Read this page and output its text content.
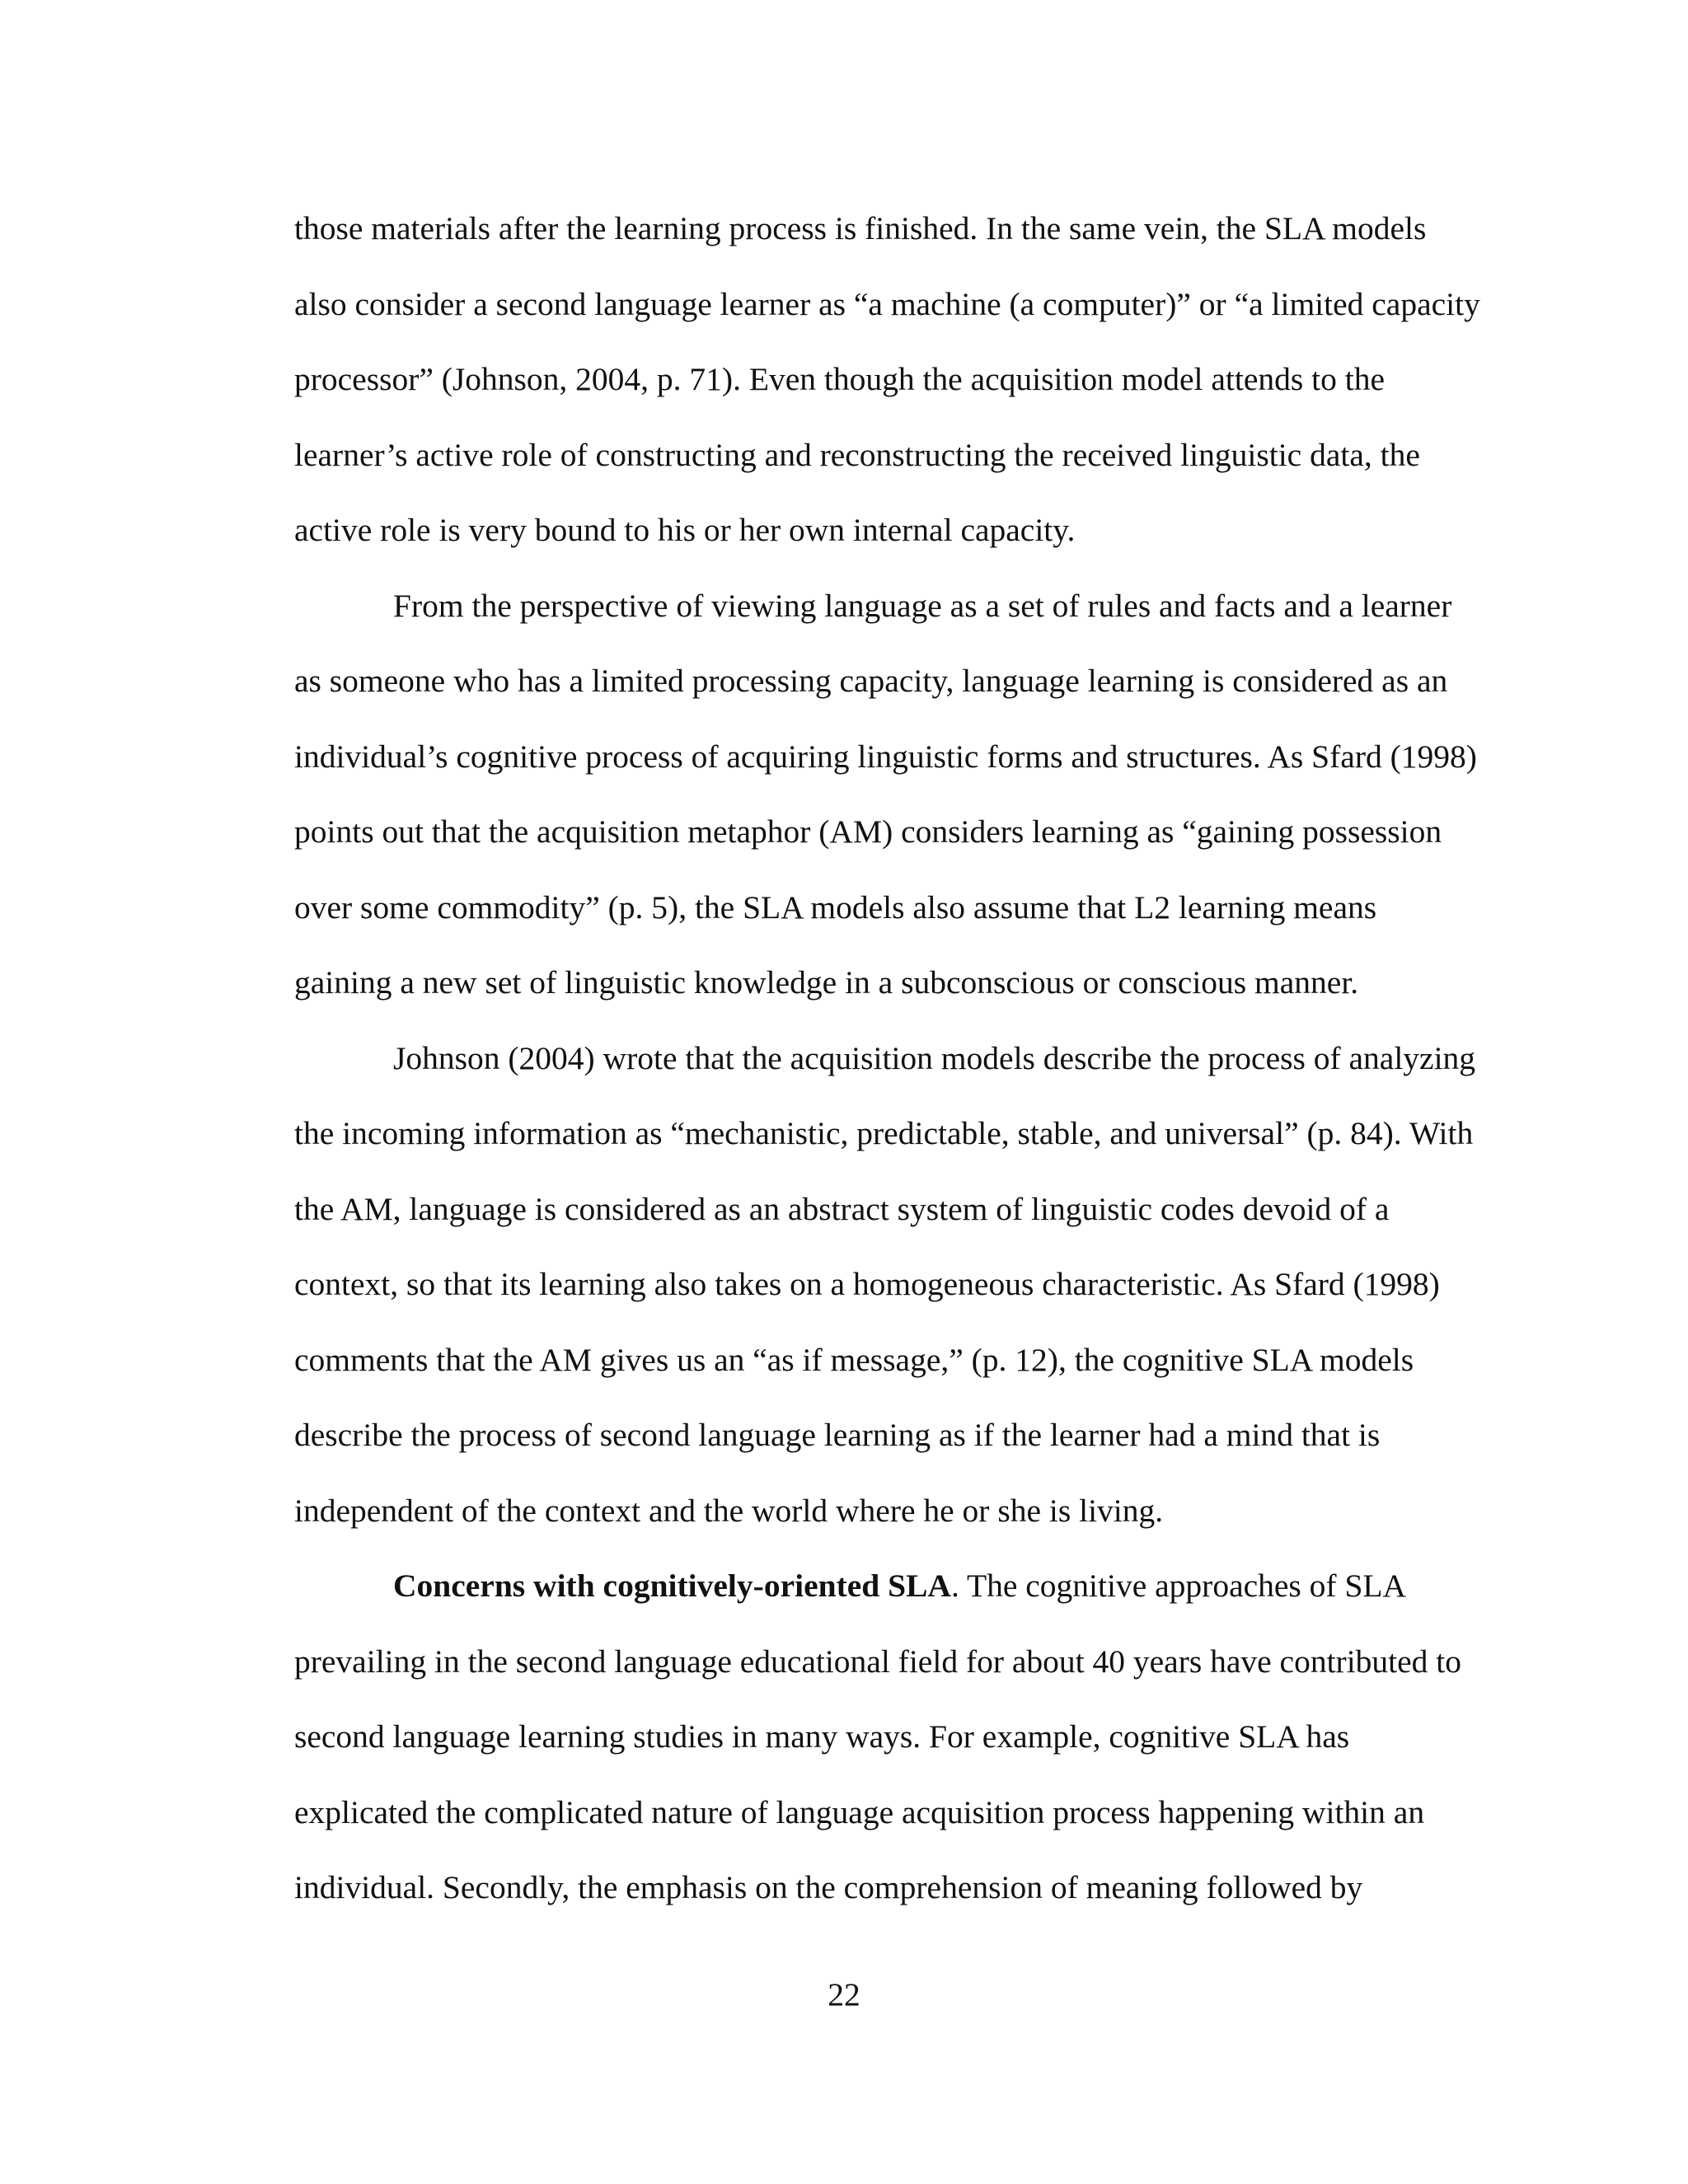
those materials after the learning process is finished. In the same vein, the SLA models also consider a second language learner as “a machine (a computer)” or “a limited capacity processor” (Johnson, 2004, p. 71). Even though the acquisition model attends to the learner’s active role of constructing and reconstructing the received linguistic data, the active role is very bound to his or her own internal capacity.

From the perspective of viewing language as a set of rules and facts and a learner as someone who has a limited processing capacity, language learning is considered as an individual’s cognitive process of acquiring linguistic forms and structures. As Sfard (1998) points out that the acquisition metaphor (AM) considers learning as “gaining possession over some commodity” (p. 5), the SLA models also assume that L2 learning means gaining a new set of linguistic knowledge in a subconscious or conscious manner.

Johnson (2004) wrote that the acquisition models describe the process of analyzing the incoming information as “mechanistic, predictable, stable, and universal” (p. 84). With the AM, language is considered as an abstract system of linguistic codes devoid of a context, so that its learning also takes on a homogeneous characteristic. As Sfard (1998) comments that the AM gives us an “as if message,” (p. 12), the cognitive SLA models describe the process of second language learning as if the learner had a mind that is independent of the context and the world where he or she is living.

Concerns with cognitively-oriented SLA. The cognitive approaches of SLA prevailing in the second language educational field for about 40 years have contributed to second language learning studies in many ways. For example, cognitive SLA has explicated the complicated nature of language acquisition process happening within an individual. Secondly, the emphasis on the comprehension of meaning followed by

22
